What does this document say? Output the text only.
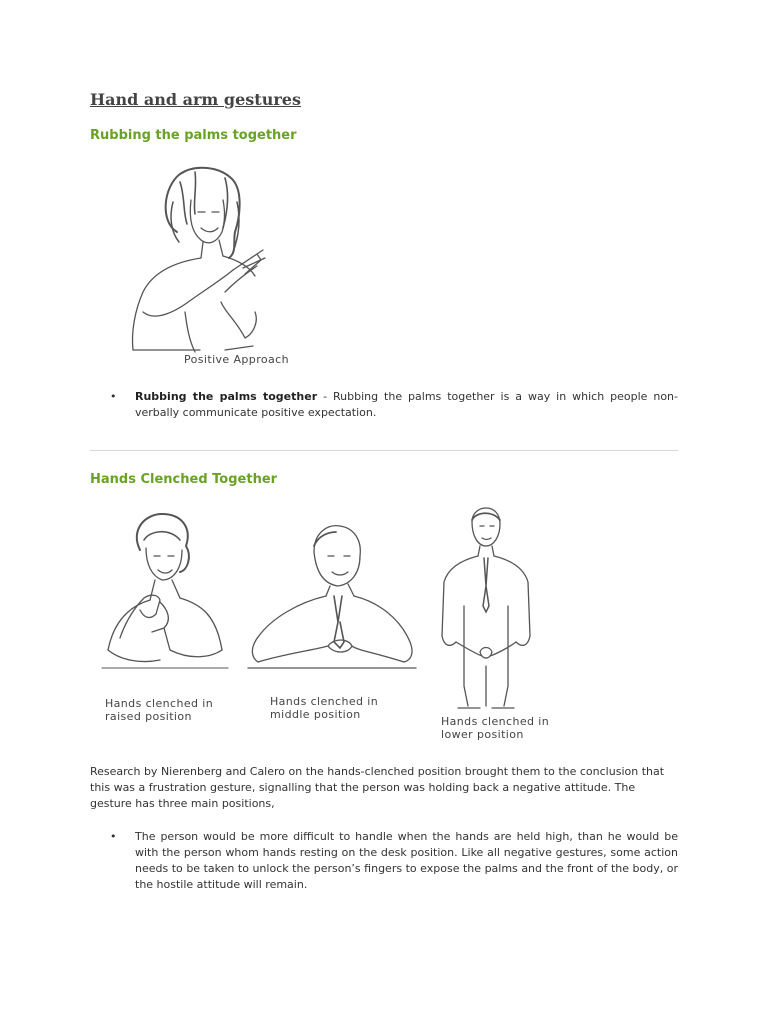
Hand and arm gestures
Rubbing the palms together
Positive Approach
• Rubbing the palms together - Rubbing the palms together is a way in which people non-verbally communicate positive expectation.
Hands Clenched Together
Hands clenched in
raised position
Hands clenched in
middle position
Hands clenched in
lower position

Research by Nierenberg and Calero on the hands-clenched position brought them to the conclusion that this was a frustration gesture, signalling that the person was holding back a negative attitude. The gesture has three main positions,

• The person would be more difficult to handle when the hands are held high, than he would be with the person whom hands resting on the desk position. Like all negative gestures, some action needs to be taken to unlock the person’s fingers to expose the palms and the front of the body, or the hostile attitude will remain.
